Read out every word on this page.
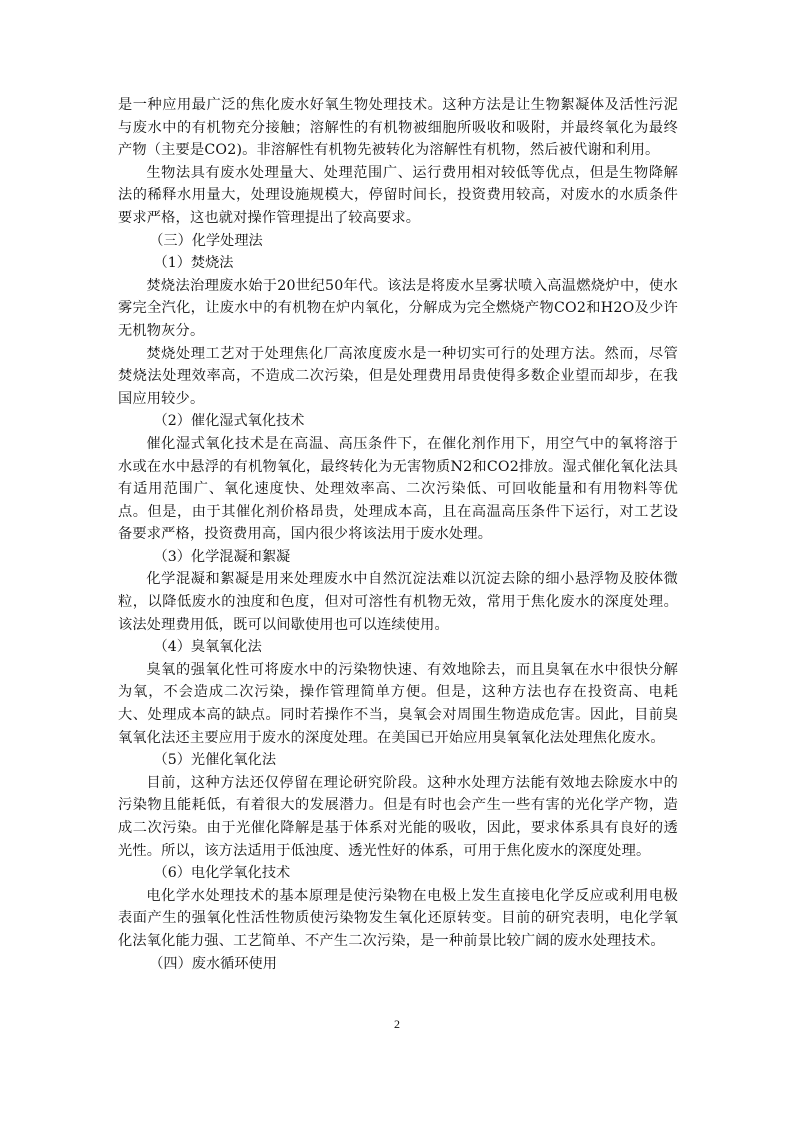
是一种应用最广泛的焦化废水好氧生物处理技术。这种方法是让生物絮凝体及活性污泥与废水中的有机物充分接触；溶解性的有机物被细胞所吸收和吸附，并最终氧化为最终产物（主要是CO2)。非溶解性有机物先被转化为溶解性有机物，然后被代谢和利用。

生物法具有废水处理量大、处理范围广、运行费用相对较低等优点，但是生物降解法的稀释水用量大，处理设施规模大，停留时间长，投资费用较高，对废水的水质条件要求严格，这也就对操作管理提出了较高要求。

（三）化学处理法

（1）焚烧法

焚烧法治理废水始于20世纪50年代。该法是将废水呈雾状喷入高温燃烧炉中，使水雾完全汽化，让废水中的有机物在炉内氧化，分解成为完全燃烧产物CO2和H2O及少许无机物灰分。

焚烧处理工艺对于处理焦化厂高浓度废水是一种切实可行的处理方法。然而，尽管焚烧法处理效率高，不造成二次污染，但是处理费用昂贵使得多数企业望而却步，在我国应用较少。

（2）催化湿式氧化技术

催化湿式氧化技术是在高温、高压条件下，在催化剂作用下，用空气中的氧将溶于水或在水中悬浮的有机物氧化，最终转化为无害物质N2和CO2排放。湿式催化氧化法具有适用范围广、氧化速度快、处理效率高、二次污染低、可回收能量和有用物料等优点。但是，由于其催化剂价格昂贵，处理成本高，且在高温高压条件下运行，对工艺设备要求严格，投资费用高，国内很少将该法用于废水处理。

（3）化学混凝和絮凝

化学混凝和絮凝是用来处理废水中自然沉淀法难以沉淀去除的细小悬浮物及胶体微粒，以降低废水的浊度和色度，但对可溶性有机物无效，常用于焦化废水的深度处理。该法处理费用低，既可以间歇使用也可以连续使用。

（4）臭氧氧化法

臭氧的强氧化性可将废水中的污染物快速、有效地除去，而且臭氧在水中很快分解为氧，不会造成二次污染，操作管理简单方便。但是，这种方法也存在投资高、电耗大、处理成本高的缺点。同时若操作不当，臭氧会对周围生物造成危害。因此，目前臭氧氧化法还主要应用于废水的深度处理。在美国已开始应用臭氧氧化法处理焦化废水。

（5）光催化氧化法

目前，这种方法还仅停留在理论研究阶段。这种水处理方法能有效地去除废水中的污染物且能耗低，有着很大的发展潜力。但是有时也会产生一些有害的光化学产物，造成二次污染。由于光催化降解是基于体系对光能的吸收，因此，要求体系具有良好的透光性。所以，该方法适用于低浊度、透光性好的体系，可用于焦化废水的深度处理。

（6）电化学氧化技术

电化学水处理技术的基本原理是使污染物在电极上发生直接电化学反应或利用电极表面产生的强氧化性活性物质使污染物发生氧化还原转变。目前的研究表明，电化学氧化法氧化能力强、工艺简单、不产生二次污染，是一种前景比较广阔的废水处理技术。

（四）废水循环使用

2
